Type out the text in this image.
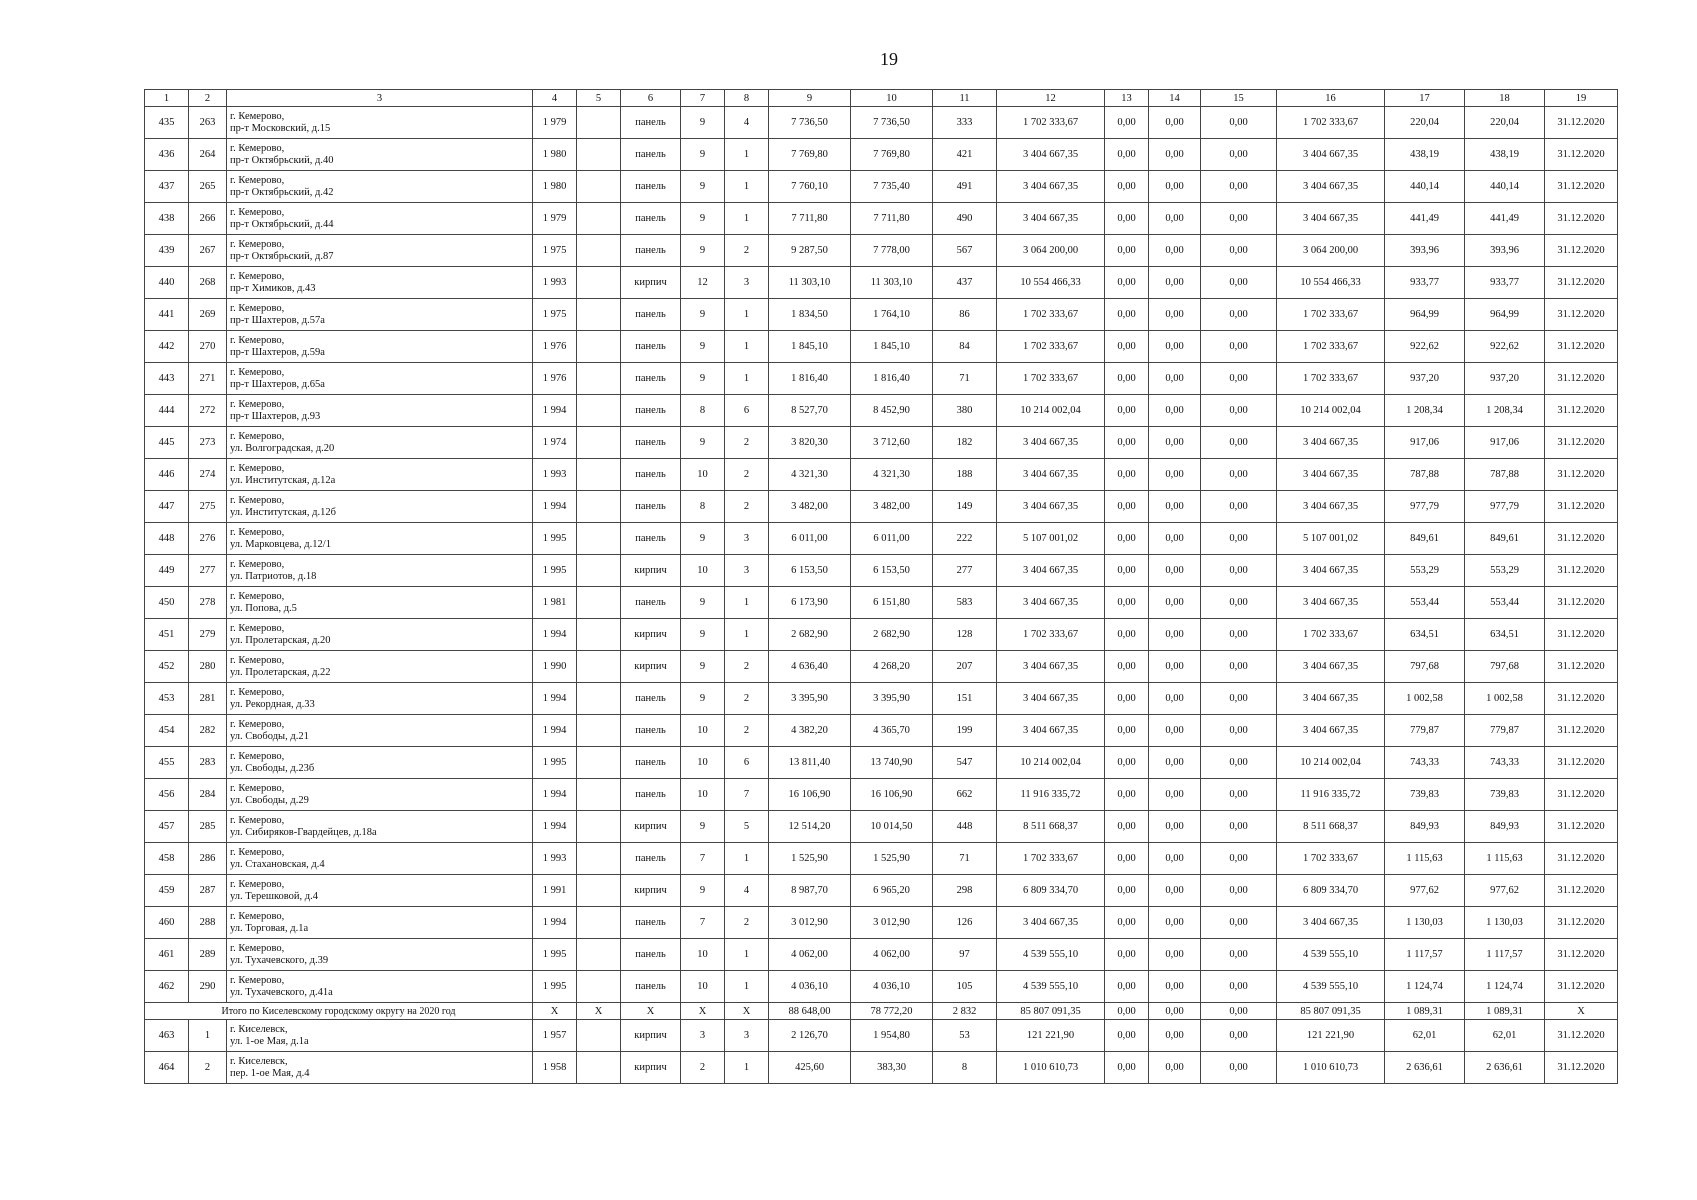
19
1	2	3	4	5	6	7	8	9	10	11	12	13	14	15	16	17	18	19
435	263	г. Кемерово,
пр-т Московский, д.15	1 979		панель	9	4	7 736,50	7 736,50	333	1 702 333,67	0,00	0,00	0,00	1 702 333,67	220,04	220,04	31.12.2020
436	264	г. Кемерово,
пр-т Октябрьский, д.40	1 980		панель	9	1	7 769,80	7 769,80	421	3 404 667,35	0,00	0,00	0,00	3 404 667,35	438,19	438,19	31.12.2020
437	265	г. Кемерово,
пр-т Октябрьский, д.42	1 980		панель	9	1	7 760,10	7 735,40	491	3 404 667,35	0,00	0,00	0,00	3 404 667,35	440,14	440,14	31.12.2020
438	266	г. Кемерово,
пр-т Октябрьский, д.44	1 979		панель	9	1	7 711,80	7 711,80	490	3 404 667,35	0,00	0,00	0,00	3 404 667,35	441,49	441,49	31.12.2020
439	267	г. Кемерово,
пр-т Октябрьский, д.87	1 975		панель	9	2	9 287,50	7 778,00	567	3 064 200,00	0,00	0,00	0,00	3 064 200,00	393,96	393,96	31.12.2020
440	268	г. Кемерово,
пр-т Химиков, д.43	1 993		кирпич	12	3	11 303,10	11 303,10	437	10 554 466,33	0,00	0,00	0,00	10 554 466,33	933,77	933,77	31.12.2020
441	269	г. Кемерово,
пр-т Шахтеров, д.57а	1 975		панель	9	1	1 834,50	1 764,10	86	1 702 333,67	0,00	0,00	0,00	1 702 333,67	964,99	964,99	31.12.2020
442	270	г. Кемерово,
пр-т Шахтеров, д.59а	1 976		панель	9	1	1 845,10	1 845,10	84	1 702 333,67	0,00	0,00	0,00	1 702 333,67	922,62	922,62	31.12.2020
443	271	г. Кемерово,
пр-т Шахтеров, д.65а	1 976		панель	9	1	1 816,40	1 816,40	71	1 702 333,67	0,00	0,00	0,00	1 702 333,67	937,20	937,20	31.12.2020
444	272	г. Кемерово,
пр-т Шахтеров, д.93	1 994		панель	8	6	8 527,70	8 452,90	380	10 214 002,04	0,00	0,00	0,00	10 214 002,04	1 208,34	1 208,34	31.12.2020
445	273	г. Кемерово,
ул. Волгоградская, д.20	1 974		панель	9	2	3 820,30	3 712,60	182	3 404 667,35	0,00	0,00	0,00	3 404 667,35	917,06	917,06	31.12.2020
446	274	г. Кемерово,
ул. Институтская, д.12а	1 993		панель	10	2	4 321,30	4 321,30	188	3 404 667,35	0,00	0,00	0,00	3 404 667,35	787,88	787,88	31.12.2020
447	275	г. Кемерово,
ул. Институтская, д.12б	1 994		панель	8	2	3 482,00	3 482,00	149	3 404 667,35	0,00	0,00	0,00	3 404 667,35	977,79	977,79	31.12.2020
448	276	г. Кемерово,
ул. Марковцева, д.12/1	1 995		панель	9	3	6 011,00	6 011,00	222	5 107 001,02	0,00	0,00	0,00	5 107 001,02	849,61	849,61	31.12.2020
449	277	г. Кемерово,
ул. Патриотов, д.18	1 995		кирпич	10	3	6 153,50	6 153,50	277	3 404 667,35	0,00	0,00	0,00	3 404 667,35	553,29	553,29	31.12.2020
450	278	г. Кемерово,
ул. Попова, д.5	1 981		панель	9	1	6 173,90	6 151,80	583	3 404 667,35	0,00	0,00	0,00	3 404 667,35	553,44	553,44	31.12.2020
451	279	г. Кемерово,
ул. Пролетарская, д.20	1 994		кирпич	9	1	2 682,90	2 682,90	128	1 702 333,67	0,00	0,00	0,00	1 702 333,67	634,51	634,51	31.12.2020
452	280	г. Кемерово,
ул. Пролетарская, д.22	1 990		кирпич	9	2	4 636,40	4 268,20	207	3 404 667,35	0,00	0,00	0,00	3 404 667,35	797,68	797,68	31.12.2020
453	281	г. Кемерово,
ул. Рекордная, д.33	1 994		панель	9	2	3 395,90	3 395,90	151	3 404 667,35	0,00	0,00	0,00	3 404 667,35	1 002,58	1 002,58	31.12.2020
454	282	г. Кемерово,
ул. Свободы, д.21	1 994		панель	10	2	4 382,20	4 365,70	199	3 404 667,35	0,00	0,00	0,00	3 404 667,35	779,87	779,87	31.12.2020
455	283	г. Кемерово,
ул. Свободы, д.23б	1 995		панель	10	6	13 811,40	13 740,90	547	10 214 002,04	0,00	0,00	0,00	10 214 002,04	743,33	743,33	31.12.2020
456	284	г. Кемерово,
ул. Свободы, д.29	1 994		панель	10	7	16 106,90	16 106,90	662	11 916 335,72	0,00	0,00	0,00	11 916 335,72	739,83	739,83	31.12.2020
457	285	г. Кемерово,
ул. Сибиряков-Гвардейцев, д.18а	1 994		кирпич	9	5	12 514,20	10 014,50	448	8 511 668,37	0,00	0,00	0,00	8 511 668,37	849,93	849,93	31.12.2020
458	286	г. Кемерово,
ул. Стахановская, д.4	1 993		панель	7	1	1 525,90	1 525,90	71	1 702 333,67	0,00	0,00	0,00	1 702 333,67	1 115,63	1 115,63	31.12.2020
459	287	г. Кемерово,
ул. Терешковой, д.4	1 991		кирпич	9	4	8 987,70	6 965,20	298	6 809 334,70	0,00	0,00	0,00	6 809 334,70	977,62	977,62	31.12.2020
460	288	г. Кемерово,
ул. Торговая, д.1а	1 994		панель	7	2	3 012,90	3 012,90	126	3 404 667,35	0,00	0,00	0,00	3 404 667,35	1 130,03	1 130,03	31.12.2020
461	289	г. Кемерово,
ул. Тухачевского, д.39	1 995		панель	10	1	4 062,00	4 062,00	97	4 539 555,10	0,00	0,00	0,00	4 539 555,10	1 117,57	1 117,57	31.12.2020
462	290	г. Кемерово,
ул. Тухачевского, д.41а	1 995		панель	10	1	4 036,10	4 036,10	105	4 539 555,10	0,00	0,00	0,00	4 539 555,10	1 124,74	1 124,74	31.12.2020
Итого по Киселевскому городскому округу на 2020 год			X	X	X	X	X	88 648,00	78 772,20	2 832	85 807 091,35	0,00	0,00	0,00	85 807 091,35	1 089,31	1 089,31	X
463	1	г. Киселевск,
ул. 1-ое Мая, д.1а	1 957		кирпич	3	3	2 126,70	1 954,80	53	121 221,90	0,00	0,00	0,00	121 221,90	62,01	62,01	31.12.2020
464	2	г. Киселевск,
пер. 1-ое Мая, д.4	1 958		кирпич	2	1	425,60	383,30	8	1 010 610,73	0,00	0,00	0,00	1 010 610,73	2 636,61	2 636,61	31.12.2020
